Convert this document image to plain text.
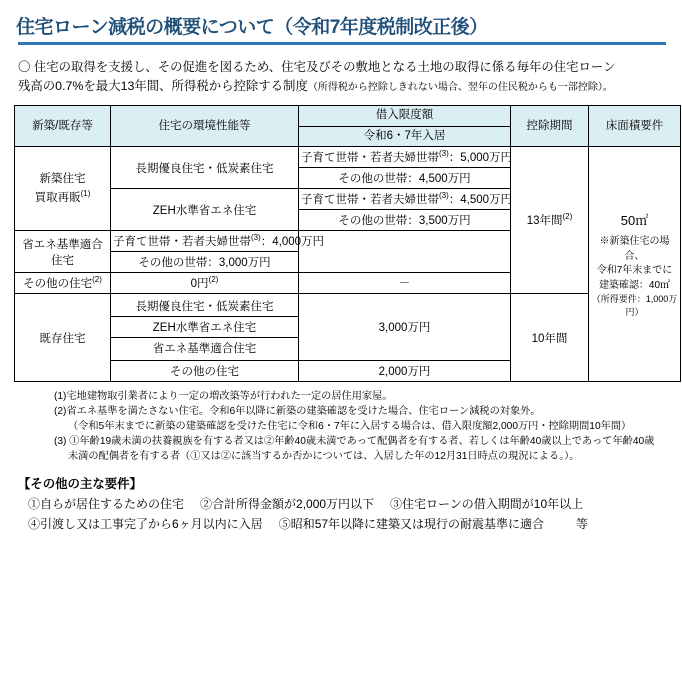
住宅ローン減税の概要について（令和7年度税制改正後）
〇 住宅の取得を支援し、その促進を図るため、住宅及びその敷地となる土地の取得に係る毎年の住宅ローン
残高の0.7%を最大13年間、所得税から控除する制度（所得税から控除しきれない場合、翌年の住民税からも一部控除）。
新築/既存等	住宅の環境性能等	借入限度額	控除期間	床面積要件
		令和6・7年入居		
新築住宅
買取再販$^{(1)}$	長期優良住宅・低炭素住宅	子育て世帯・若者夫婦世帯$^{(3)}$：5,000万円	13年間$^{(2)}$	50㎡
※新築住宅の場合、
令和7年末までに
建築確認：40㎡
（所得要件：1,000万円）

		その他の世帯：4,500万円		
	ZEH水準省エネ住宅	子育て世帯・若者夫婦世帯$^{(3)}$：4,500万円		
		その他の世帯：3,500万円		
省エネ基準適合住宅	子育て世帯・若者夫婦世帯$^{(3)}$：4,000万円			
	その他の世帯：3,000万円			
その他の住宅$^{(2)}$	0円$^{(2)}$	－		
既存住宅	長期優良住宅・低炭素住宅	3,000万円	10年間	
	ZEH水準省エネ住宅			
	省エネ基準適合住宅			
	その他の住宅	2,000万円		
(1)宅地建物取引業者により一定の増改築等が行われた一定の居住用家屋。
(2)省エネ基準を満たさない住宅。令和6年以降に新築の建築確認を受けた場合、住宅ローン減税の対象外。
（令和5年末までに新築の建築確認を受けた住宅に令和6・7年に入居する場合は、借入限度額2,000万円・控除期間10年間）
(3) ①年齢19歳未満の扶養親族を有する者又は②年齢40歳未満であって配偶者を有する者、若しくは年齢40歳以上であって年齢40歳
未満の配偶者を有する者（①又は②に該当するか否かについては、入居した年の12月31日時点の現況による。）。
【その他の主な要件】
①自らが居住するための住宅 ②合計所得金額が2,000万円以下 ③住宅ローンの借入期間が10年以上
④引渡し又は工事完了から6ヶ月以内に入居 ⑤昭和57年以降に建築又は現行の耐震基準に適合	等
